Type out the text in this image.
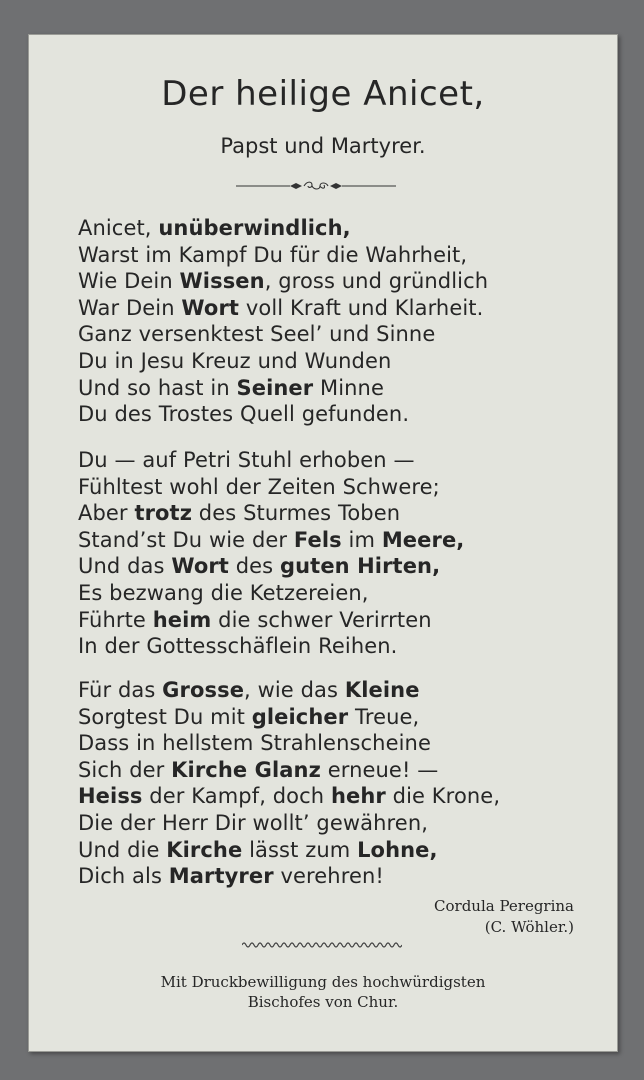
Der heilige Anicet,
Papst und Martyrer.
Anicet, unüberwindlich,
Warst im Kampf Du für die Wahrheit,
Wie Dein Wissen, gross und gründlich
War Dein Wort voll Kraft und Klarheit.
Ganz versenktest Seel’ und Sinne
Du in Jesu Kreuz und Wunden
Und so hast in Seiner Minne
Du des Trostes Quell gefunden.
Du — auf Petri Stuhl erhoben —
Fühltest wohl der Zeiten Schwere;
Aber trotz des Sturmes Toben
Stand’st Du wie der Fels im Meere,
Und das Wort des guten Hirten,
Es bezwang die Ketzereien,
Führte heim die schwer Verirrten
In der Gottesschäflein Reihen.
Für das Grosse, wie das Kleine
Sorgtest Du mit gleicher Treue,
Dass in hellstem Strahlenscheine
Sich der Kirche Glanz erneue! —
Heiss der Kampf, doch hehr die Krone,
Die der Herr Dir wollt’ gewähren,
Und die Kirche lässt zum Lohne,
Dich als Martyrer verehren!
Cordula Peregrina
(C. Wöhler.)
Mit Druckbewilligung des hochwürdigsten
Bischofes von Chur.
